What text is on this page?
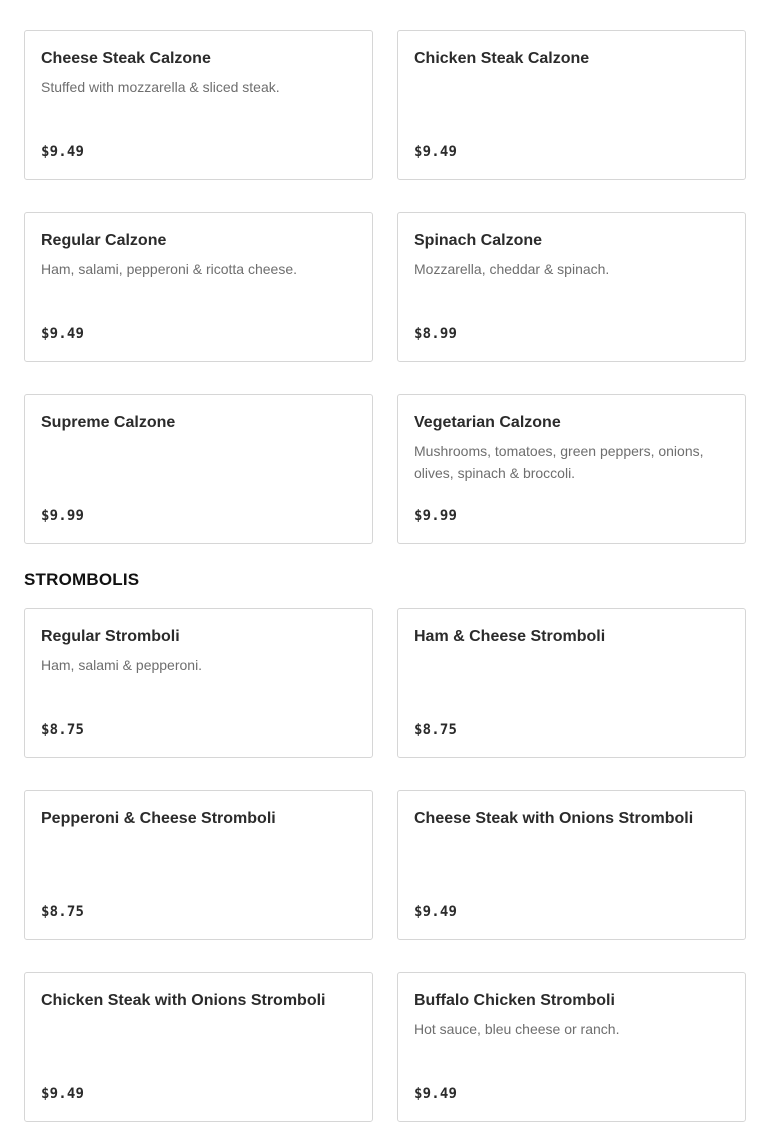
Cheese Steak Calzone
Stuffed with mozzarella & sliced steak.
$9.49
Chicken Steak Calzone
$9.49
Regular Calzone
Ham, salami, pepperoni & ricotta cheese.
$9.49
Spinach Calzone
Mozzarella, cheddar & spinach.
$8.99
Supreme Calzone
$9.99
Vegetarian Calzone
Mushrooms, tomatoes, green peppers, onions, olives, spinach & broccoli.
$9.99
STROMBOLIS
Regular Stromboli
Ham, salami & pepperoni.
$8.75
Ham & Cheese Stromboli
$8.75
Pepperoni & Cheese Stromboli
$8.75
Cheese Steak with Onions Stromboli
$9.49
Chicken Steak with Onions Stromboli
$9.49
Buffalo Chicken Stromboli
Hot sauce, bleu cheese or ranch.
$9.49
